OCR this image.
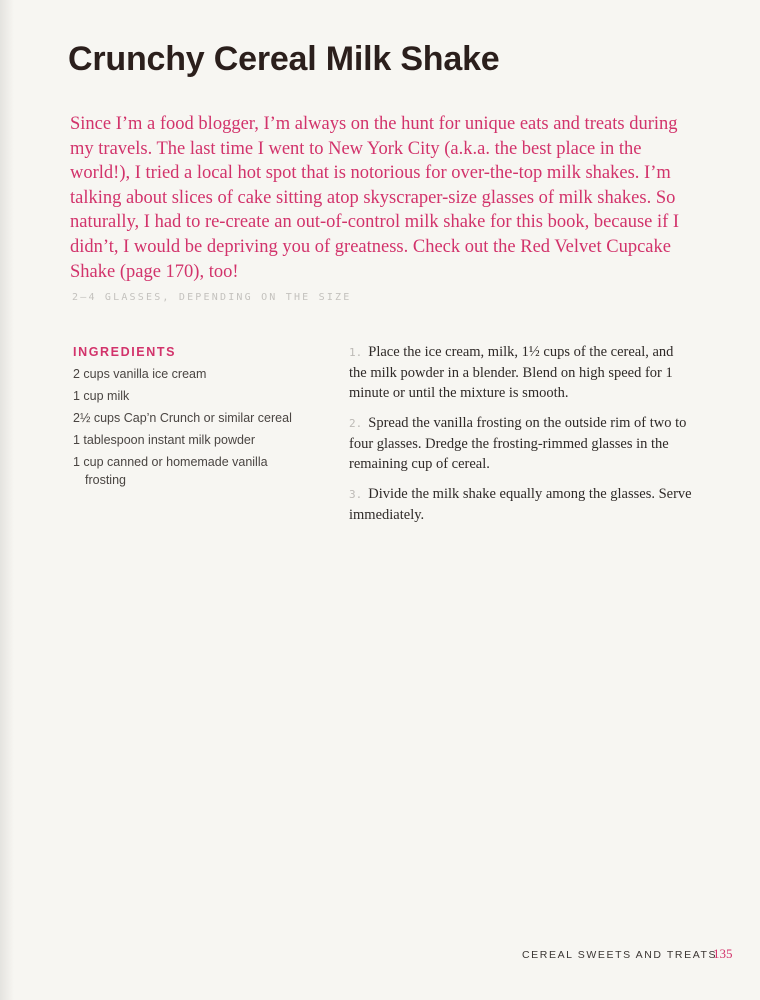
Crunchy Cereal Milk Shake

Since I’m a food blogger, I’m always on the hunt for unique eats and treats during my travels. The last time I went to New York City (a.k.a. the best place in the world!), I tried a local hot spot that is notorious for over-the-top milk shakes. I’m talking about slices of cake sitting atop skyscraper-size glasses of milk shakes. So naturally, I had to re-create an out-of-control milk shake for this book, because if I didn’t, I would be depriving you of greatness. Check out the Red Velvet Cupcake Shake (page 170), too!

2–4 GLASSES, DEPENDING ON THE SIZE

INGREDIENTS
2 cups vanilla ice cream
1 cup milk
2½ cups Cap’n Crunch or similar cereal
1 tablespoon instant milk powder
1 cup canned or homemade vanilla frosting
1. Place the ice cream, milk, 1½ cups of the cereal, and the milk powder in a blender. Blend on high speed for 1 minute or until the mixture is smooth.
2. Spread the vanilla frosting on the outside rim of two to four glasses. Dredge the frosting-rimmed glasses in the remaining cup of cereal.
3. Divide the milk shake equally among the glasses. Serve immediately.
CEREAL SWEETS AND TREATS
135
